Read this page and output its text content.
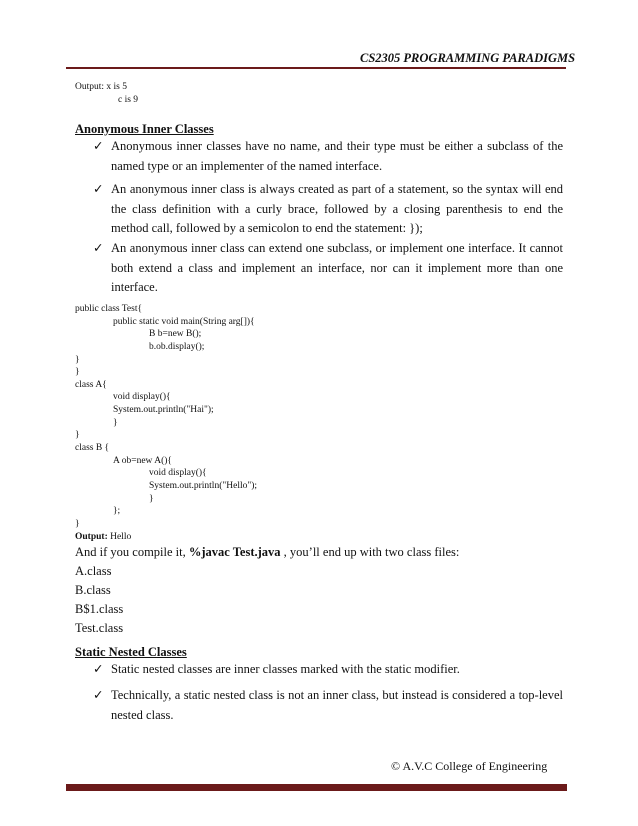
CS2305 PROGRAMMING PARADIGMS
Output: x is 5
c is 9
Anonymous Inner Classes
✓ Anonymous inner classes have no name, and their type must be either a subclass of the named type or an implementer of the named interface.
✓ An anonymous inner class is always created as part of a statement, so the syntax will end the class definition with a curly brace, followed by a closing parenthesis to end the method call, followed by a semicolon to end the statement: });
✓ An anonymous inner class can extend one subclass, or implement one interface. It cannot both extend a class and implement an interface, nor can it implement more than one interface.
public class Test{
public static void main(String arg[]){
B b=new B();
b.ob.display();
}
}
class A{
void display(){
System.out.println("Hai");
}
}
class B {
A ob=new A(){
void display(){
System.out.println("Hello");
}
};
}
Output: Hello
And if you compile it, %javac Test.java , you’ll end up with two class files:
A.class
B.class
B$1.class
Test.class
Static Nested Classes
✓ Static nested classes are inner classes marked with the static modifier.
✓ Technically, a static nested class is not an inner class, but instead is considered a top-level nested class.
© A.V.C College of Engineering
